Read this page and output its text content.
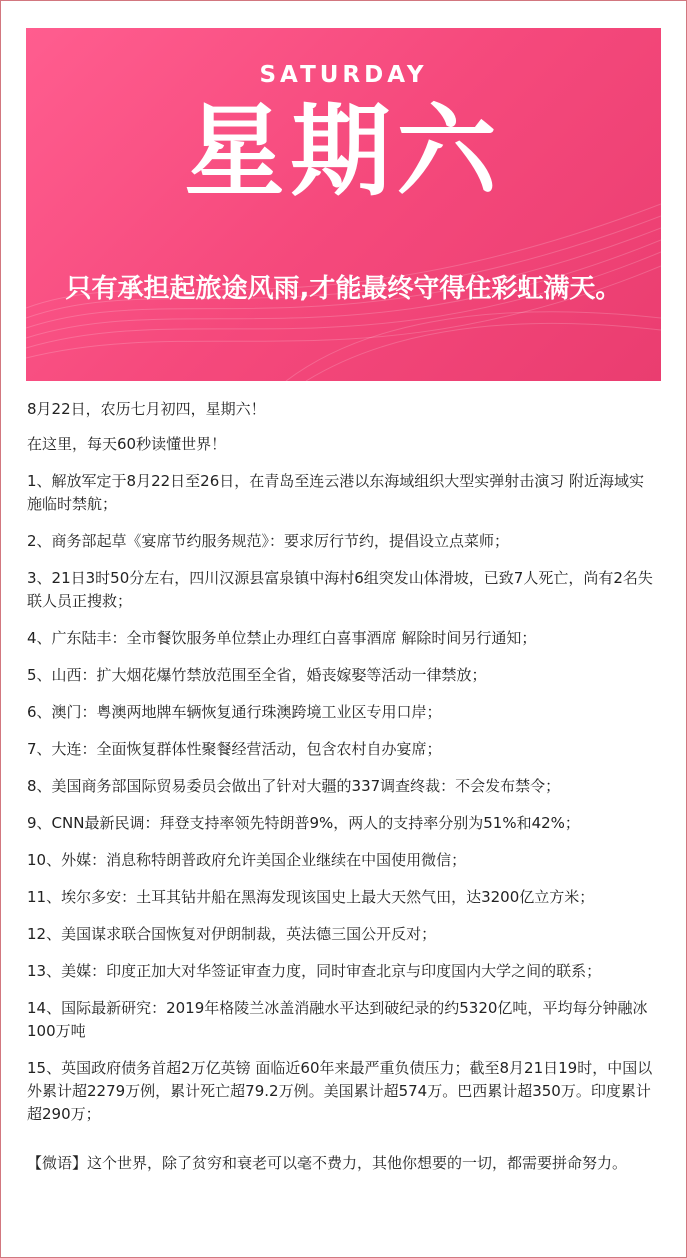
SATURDAY
星期六
只有承担起旅途风雨,才能最终守得住彩虹满天。

8月22日，农历七月初四，星期六！

在这里，每天60秒读懂世界！

1、解放军定于8月22日至26日，在青岛至连云港以东海域组织大型实弹射击演习 附近海域实施临时禁航；

2、商务部起草《宴席节约服务规范》：要求厉行节约，提倡设立点菜师；

3、21日3时50分左右，四川汉源县富泉镇中海村6组突发山体滑坡，已致7人死亡，尚有2名失联人员正搜救；

4、广东陆丰：全市餐饮服务单位禁止办理红白喜事酒席 解除时间另行通知；

5、山西：扩大烟花爆竹禁放范围至全省，婚丧嫁娶等活动一律禁放；

6、澳门：粤澳两地牌车辆恢复通行珠澳跨境工业区专用口岸；

7、大连：全面恢复群体性聚餐经营活动，包含农村自办宴席；

8、美国商务部国际贸易委员会做出了针对大疆的337调查终裁：不会发布禁令；

9、CNN最新民调：拜登支持率领先特朗普9%，两人的支持率分别为51%和42%；

10、外媒：消息称特朗普政府允许美国企业继续在中国使用微信；

11、埃尔多安：土耳其钻井船在黑海发现该国史上最大天然气田，达3200亿立方米；

12、美国谋求联合国恢复对伊朗制裁，英法德三国公开反对；

13、美媒：印度正加大对华签证审查力度，同时审查北京与印度国内大学之间的联系；

14、国际最新研究：2019年格陵兰冰盖消融水平达到破纪录的约5320亿吨，平均每分钟融冰100万吨

15、英国政府债务首超2万亿英镑 面临近60年来最严重负债压力；截至8月21日19时，中国以外累计超2279万例，累计死亡超79.2万例。美国累计超574万。巴西累计超350万。印度累计超290万；

【微语】这个世界，除了贫穷和衰老可以毫不费力，其他你想要的一切，都需要拼命努力。
